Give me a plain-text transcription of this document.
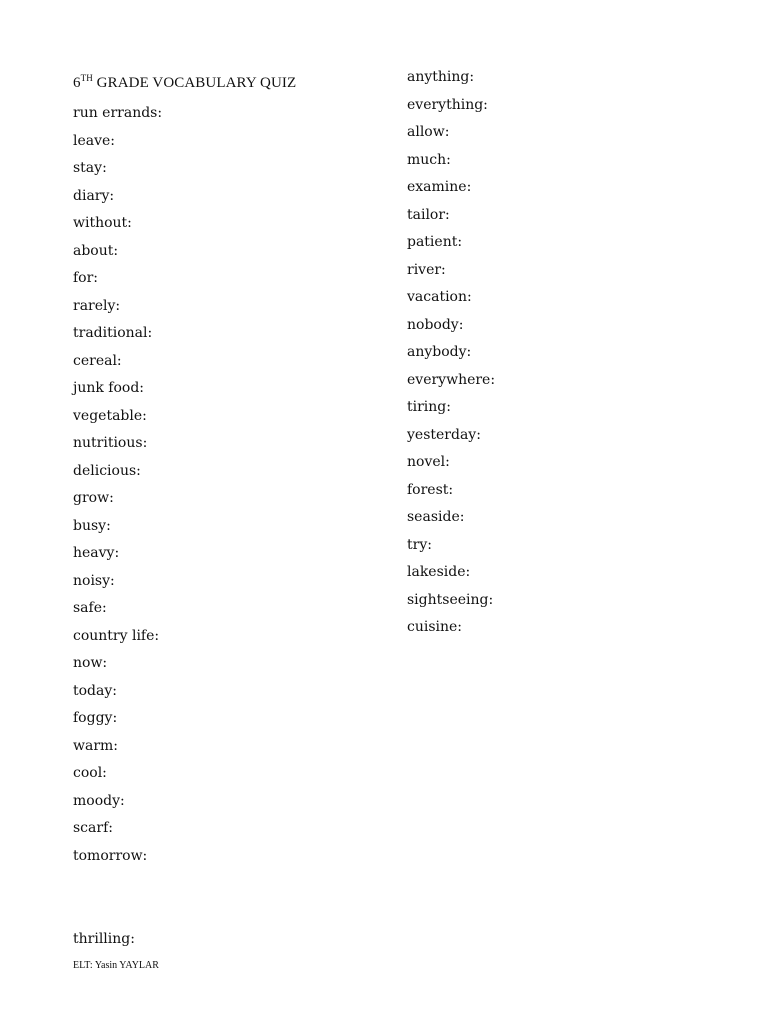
6TH GRADE VOCABULARY QUIZ
run errands:
leave:
stay:
diary:
without:
about:
for:
rarely:
traditional:
cereal:
junk food:
vegetable:
nutritious:
delicious:
grow:
busy:
heavy:
noisy:
safe:
country life:
now:
today:
foggy:
warm:
cool:
moody:
scarf:
tomorrow:
anything:
everything:
allow:
much:
examine:
tailor:
patient:
river:
vacation:
nobody:
anybody:
everywhere:
tiring:
yesterday:
novel:
forest:
seaside:
try:
lakeside:
sightseeing:
cuisine:
thrilling:
ELT: Yasin YAYLAR
